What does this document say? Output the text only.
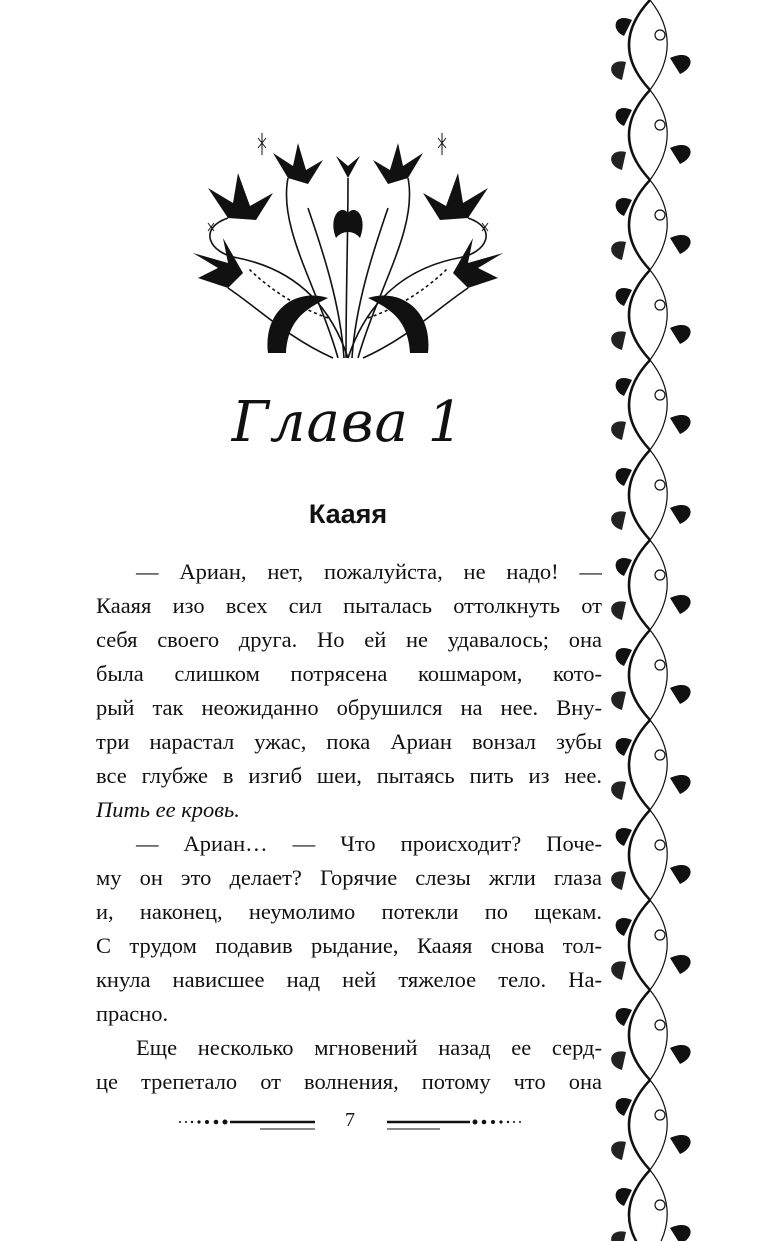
Глава 1
Кааяя
— Ариан, нет, пожалуйста, не надо! —
Кааяя изо всех сил пыталась оттолкнуть от
себя своего друга. Но ей не удавалось; она
была слишком потрясена кошмаром, кото-
рый так неожиданно обрушился на нее. Вну-
три нарастал ужас, пока Ариан вонзал зубы
все глубже в изгиб шеи, пытаясь пить из нее.
Пить ее кровь.
— Ариан… — Что происходит? Почe-
му он это делает? Горячие слезы жгли глаза
и, наконец, неумолимо потекли по щекам.
С трудом подавив рыдание, Кааяя снова тол-
кнула нависшее над ней тяжелое тело. На-
прасно.
Еще несколько мгновений назад ее серд-
це трепетало от волнения, потому что она

7
